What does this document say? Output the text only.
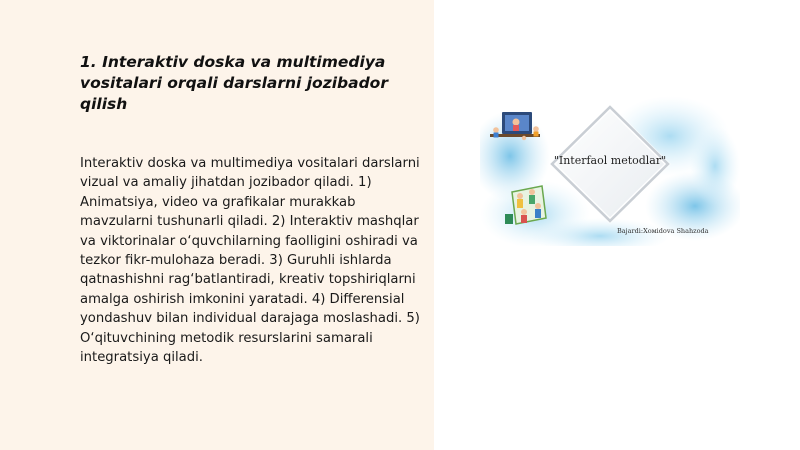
1. Interaktiv doska va multimediya vositalari orqali darslarni jozibador qilish

Interaktiv doska va multimediya vositalari darslarni vizual va amaliy jihatdan jozibador qiladi. 1) Animatsiya, video va grafikalar murakkab mavzularni tushunarli qiladi. 2) Interaktiv mashqlar va viktorinalar o‘quvchilarning faolligini oshiradi va tezkor fikr-mulohaza beradi. 3) Guruhli ishlarda qatnashishni rag‘batlantiradi, kreativ topshiriqlarni amalga oshirish imkonini yaratadi. 4) Differensial yondashuv bilan individual darajaga moslashadi. 5) O‘qituvchining metodik resurslarini samarali integratsiya qiladi.

"Interfaol metodlar"
Bajardi:Xoміdova Shahzoda
